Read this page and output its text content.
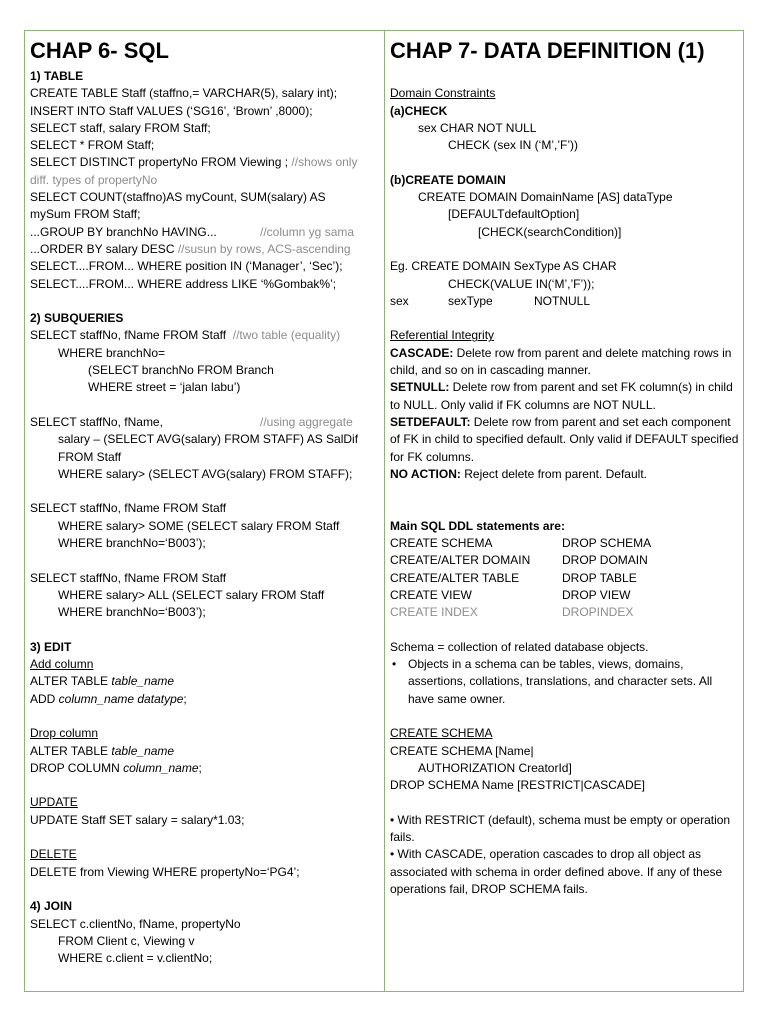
CHAP 6- SQL
1) TABLE
CREATE TABLE Staff (staffno,= VARCHAR(5), salary int);
INSERT INTO Staff VALUES (‘SG16’, ‘Brown’ ,8000);
SELECT staff, salary FROM Staff;
SELECT * FROM Staff;
SELECT DISTINCT propertyNo FROM Viewing ; //shows only
diff. types of propertyNo
SELECT COUNT(staffno)AS myCount, SUM(salary) AS
mySum FROM Staff;
...GROUP BY branchNo HAVING...	//column yg sama
...ORDER BY salary DESC //susun by rows, ACS-ascending
SELECT....FROM... WHERE position IN (‘Manager’, ‘Sec’);
SELECT....FROM... WHERE address LIKE ‘%Gombak%’;
2) SUBQUERIES
SELECT staffNo, fName FROM Staff //two table (equality)
WHERE branchNo=
(SELECT branchNo FROM Branch
WHERE street = ‘jalan labu’)
SELECT staffNo, fName,	//using aggregate
salary – (SELECT AVG(salary) FROM STAFF) AS SalDif
FROM Staff
WHERE salary> (SELECT AVG(salary) FROM STAFF);
SELECT staffNo, fName FROM Staff
WHERE salary> SOME (SELECT salary FROM Staff
WHERE branchNo=‘B003’);
SELECT staffNo, fName FROM Staff
WHERE salary> ALL (SELECT salary FROM Staff
WHERE branchNo=‘B003’);
3) EDIT
Add column
ALTER TABLE table_name
ADD column_name datatype;
Drop column
ALTER TABLE table_name
DROP COLUMN column_name;
UPDATE
UPDATE Staff SET salary = salary*1.03;
DELETE
DELETE from Viewing WHERE propertyNo=‘PG4’;
4) JOIN
SELECT c.clientNo, fName, propertyNo
FROM Client c, Viewing v
WHERE c.client = v.clientNo;
CHAP 7- DATA DEFINITION (1)
Domain Constraints
(a)CHECK
sex CHAR NOT NULL
CHECK (sex IN (‘M’,’F’))
(b)CREATE DOMAIN
CREATE DOMAIN DomainName [AS] dataType
[DEFAULTdefaultOption]
[CHECK(searchCondition)]
Eg. CREATE DOMAIN SexType AS CHAR
CHECK(VALUE IN(‘M’,’F’));
sex	sexType	NOTNULL
Referential Integrity
CASCADE: Delete row from parent and delete matching rows in child, and so on in cascading manner.
SETNULL: Delete row from parent and set FK column(s) in child to NULL. Only valid if FK columns are NOT NULL.
SETDEFAULT: Delete row from parent and set each component of FK in child to specified default. Only valid if DEFAULT specified for FK columns.
NO ACTION: Reject delete from parent. Default.
Main SQL DDL statements are:
CREATE SCHEMA	DROP SCHEMA
CREATE/ALTER DOMAIN	DROP DOMAIN
CREATE/ALTER TABLE	DROP TABLE
CREATE VIEW	DROP VIEW
CREATE INDEX	DROPINDEX
Schema = collection of related database objects.
• Objects in a schema can be tables, views, domains, assertions, collations, translations, and character sets. All have same owner.
CREATE SCHEMA
CREATE SCHEMA [Name|
AUTHORIZATION CreatorId]
DROP SCHEMA Name [RESTRICT|CASCADE]
• With RESTRICT (default), schema must be empty or operation fails.
• With CASCADE, operation cascades to drop all object as associated with schema in order defined above. If any of these operations fail, DROP SCHEMA fails.
